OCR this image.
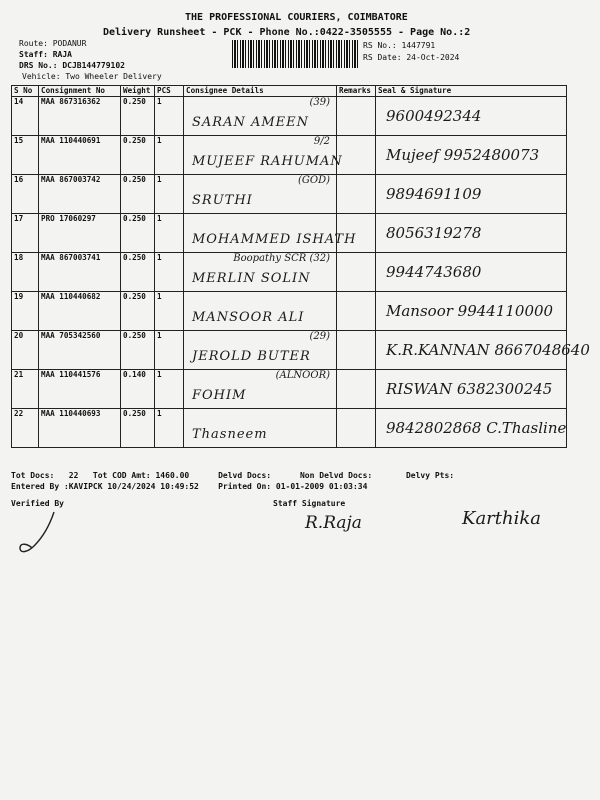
THE PROFESSIONAL COURIERS, COIMBATORE
Delivery Runsheet - PCK - Phone No.:0422-3505555 - Page No.:2
Route: PODANUR
Staff: RAJA
DRS No.: DCJB144779102
Vehicle: Two Wheeler Delivery
RS No.: 1447791
RS Date: 24-Oct-2024
S No	Consignment No	Weight	PCS	Consignee Details	Remarks	Seal & Signature
14	MAA 867316362	0.250	1	(39)
SARAN AMEEN		9600492344

15	MAA 110440691	0.250	1	9/2
MUJEEF RAHUMAN		Mujeef 9952480073

16	MAA 867003742	0.250	1	(GOD)
SRUTHI		9894691109

17	PRO 17060297	0.250	1	MOHAMMED ISHATH		8056319278

18	MAA 867003741	0.250	1	Boopathy SCR (32)
MERLIN SOLIN		9944743680

19	MAA 110440682	0.250	1	MANSOOR ALI		Mansoor 9944110000

20	MAA 705342560	0.250	1	(29)
JEROLD BUTER		K.R.KANNAN 8667048640

21	MAA 110441576	0.140	1	(ALNOOR)
FOHIM		RISWAN 6382300245

22	MAA 110440693	0.250	1	Thasneem		9842802868 C.Thasline
Tot Docs:   22   Tot COD Amt: 1460.00      Delvd Docs:      Non Delvd Docs:       Delvy Pts:
Entered By :KAVIPCK 10/24/2024 10:49:52    Printed On: 01-01-2009 01:03:34
Verified By	Staff Signature
R.Raja	Karthika
